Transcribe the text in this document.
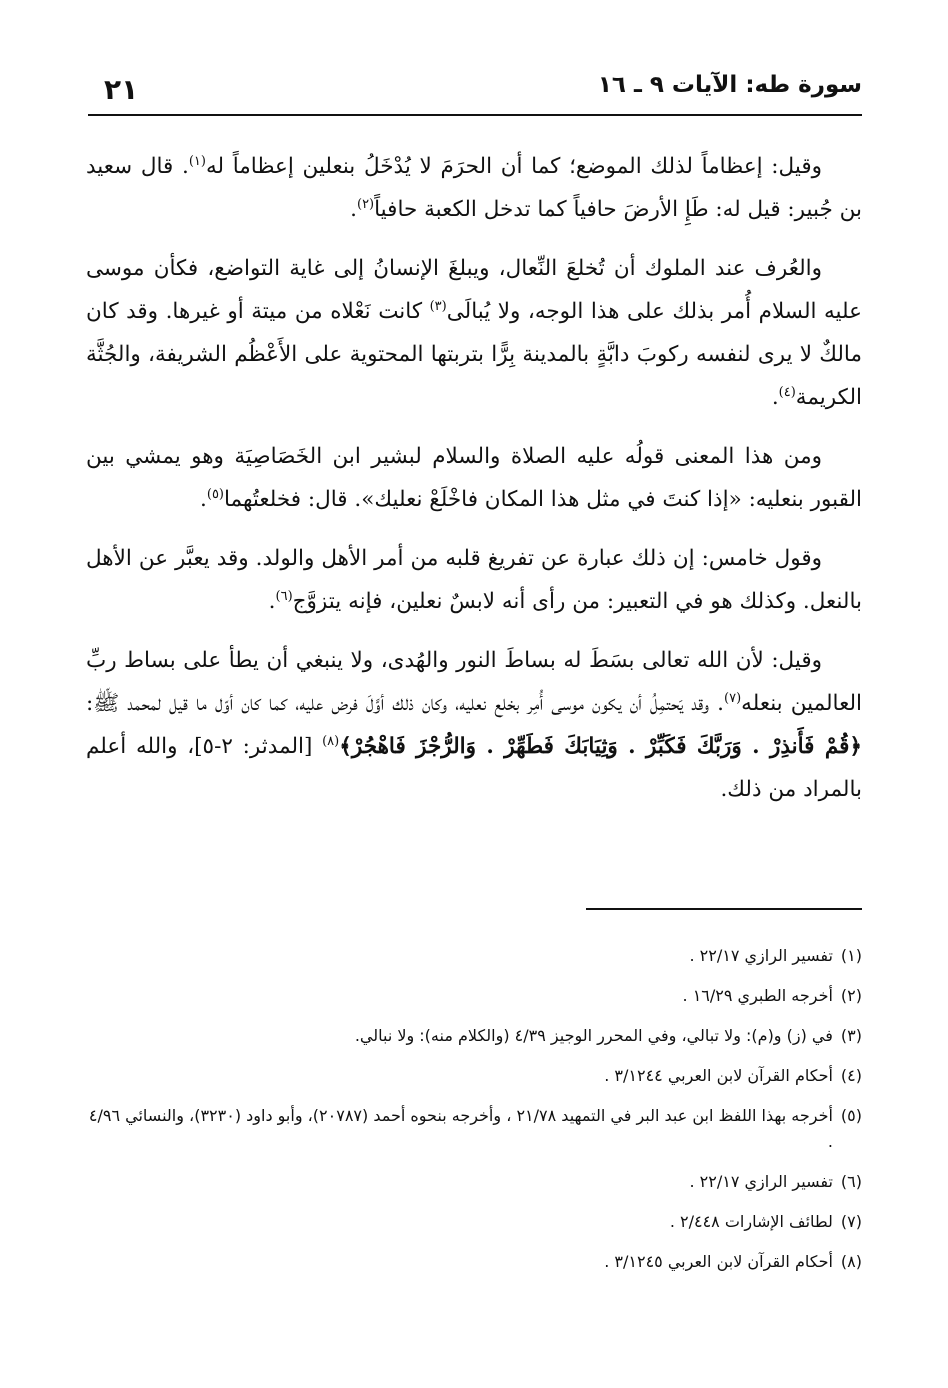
سورة طه: الآيات ٩ ـ ١٦
٢١

وقيل: إعظاماً لذلك الموضع؛ كما أن الحرَمَ لا يُدْخَلُ بنعلين إعظاماً له$^{(١)}$. قال سعيد بن جُبير: قيل له: طَإِ الأرضَ حافياً كما تدخل الكعبة حافياً$^{(٢)}$.

والعُرف عند الملوك أن تُخلعَ النِّعال، ويبلغَ الإنسانُ إلى غاية التواضع، فكأن موسى عليه السلام أُمر بذلك على هذا الوجه، ولا يُبالَى$^{(٣)}$ كانت نَعْلاه من ميتة أو غيرها. وقد كان مالكٌ لا يرى لنفسه ركوبَ دابَّةٍ بالمدينة بِرًّا بتربتها المحتوية على الأَعْظُم الشريفة، والجُثَّة الكريمة$^{(٤)}$.

ومن هذا المعنى قولُه عليه الصلاة والسلام لبشير ابن الخَصَاصِيَة وهو يمشي بين القبور بنعليه: «إذا كنتَ في مثل هذا المكان فاخْلَعْ نعليك». قال: فخلعتُهما$^{(٥)}$.

وقول خامس: إن ذلك عبارة عن تفريغ قلبه من أمر الأهل والولد. وقد يعبَّر عن الأهل بالنعل. وكذلك هو في التعبير: من رأى أنه لابسٌ نعلين، فإنه يتزوَّج$^{(٦)}$.

وقيل: لأن الله تعالى بسَطَ له بساطَ النور والهُدى، ولا ينبغي أن يطأ على بساط ربِّ العالمين بنعله$^{(٧)}$. وقد يَحتمِلُ أن يكون موسى أُمِر بخلع نعليه، وكان ذلك أوَّلَ فرض عليه، كما كان أوّل ما قيل لمحمد ﷺ: ﴿قُمْ فَأَنذِرْ . وَرَبَّكَ فَكَبِّرْ . وَثِيَابَكَ فَطَهِّرْ . وَالرُّجْزَ فَاهْجُرْ﴾$^{(٨)}$ [المدثر: ٢-٥]، والله أعلم بالمراد من ذلك.

(١)
تفسير الرازي ٢٢/١٧ .
(٢)
أخرجه الطبري ١٦/٢٩ .
(٣)
في (ز) و(م): ولا تبالي، وفي المحرر الوجيز ٤/٣٩ (والكلام منه): ولا نبالي.
(٤)
أحكام القرآن لابن العربي ٣/١٢٤٤ .
(٥)
أخرجه بهذا اللفظ ابن عبد البر في التمهيد ٢١/٧٨ ، وأخرجه بنحوه أحمد (٢٠٧٨٧)، وأبو داود (٣٢٣٠)، والنسائي ٤/٩٦ .
(٦)
تفسير الرازي ٢٢/١٧ .
(٧)
لطائف الإشارات ٢/٤٤٨ .
(٨)
أحكام القرآن لابن العربي ٣/١٢٤٥ .
